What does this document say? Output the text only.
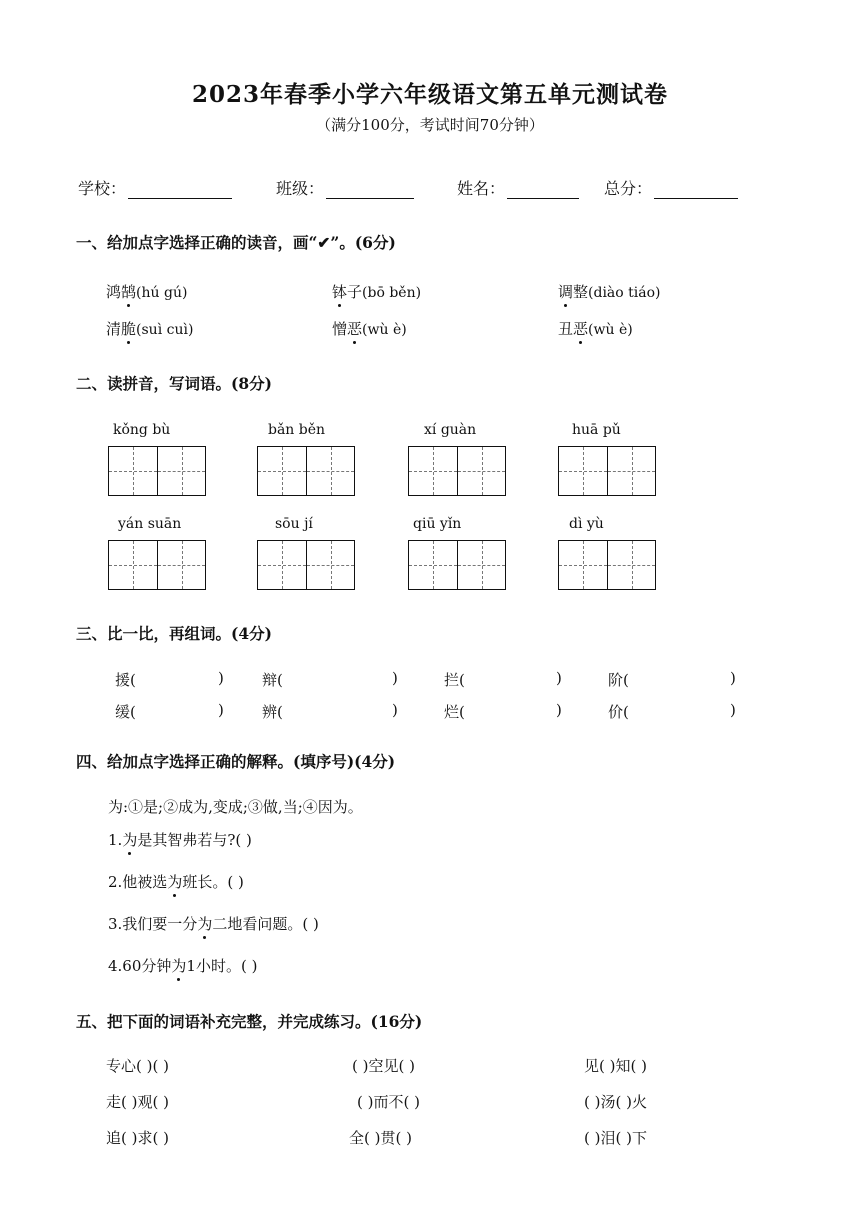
2023年春季小学六年级语文第五单元测试卷
（满分100分，考试时间70分钟）
学校：	班级：	姓名：	总分：
一、给加点字选择正确的读音，画“✔”。(6分)
鸿鹄(hú gú)	钵子(bō běn)	调整(diào tiáo)
清脆(suì cuì)	憎恶(wù è)	丑恶(wù è)
二、读拼音，写词语。(8分)
kǒng bù	bǎn běn	xí guàn	huā pǔ
yán suān	sōu jí	qiū yǐn	dì yù
三、比一比，再组词。(4分)
援(	)	辩(	)	拦(	)	阶(	)
缓(	)	辨(	)	烂(	)	价(	)
四、给加点字选择正确的解释。(填序号)(4分)
为:①是;②成为,变成;③做,当;④因为。
1.为是其智弗若与?( )
2.他被选为班长。( )
3.我们要一分为二地看问题。( )
4.60分钟为1小时。( )
五、把下面的词语补充完整，并完成练习。(16分)
专心( )( )	( )空见( )	见( )知( )
走( )观( )	( )而不( )	( )汤( )火
追( )求( )	全( )贯( )	( )泪( )下
